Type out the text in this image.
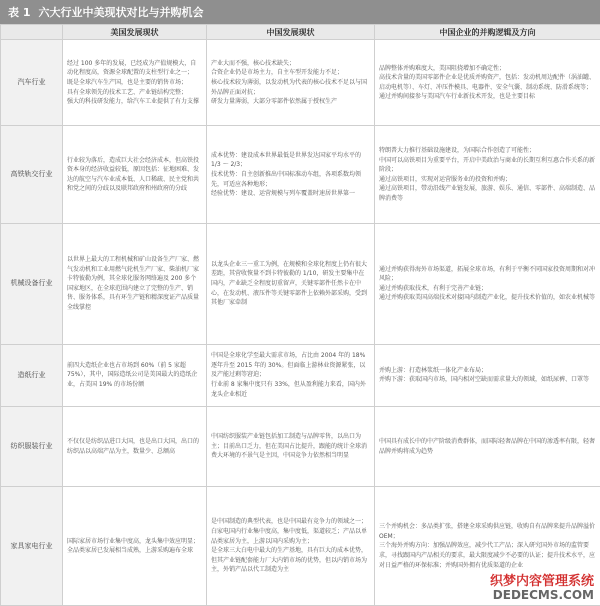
表 1 六大行业中美现状对比与并购机会
	美国发展现状	中国发展现状	中国企业的并购逻辑及方向
汽车行业	经过 100 多年的发展，已经成为产值规模大，自动化程度高，资源全球配置的支柱型行业之一；
既是全球汽车生产国，也是主要的销售市场；
具有全球领先的技术工艺、产业链结构完整；
强大的科技研发能力，给汽车工业提供了有力支撑	产业大而不强，核心技术缺失；
合资企业仍是市场主力，自主车型开发能力不足；
核心技术较为薄弱，以发动机为代表的核心技术不足以与国外品牌正面对抗；
研发力量薄弱，大部分零部件依然属于授权生产	品牌整体并购难度大，美国阻挠增加不确定性；
高技术含量的美国零部件企业是优质并购资产，包括：发动机周边配件（涡油罐、启动电机等）、车灯、冲压件模具、电器件、安全气囊、制动系统、防滑系统等；
通过并购间接参与美国汽车行业新技术开发，也是主要目标

高铁轨交行业	行业较为落后，造成巨大社会经济成本，但高铁投资本身的经济收益较低，原因包括：征地困难、发达的航空与汽车业成本低、人口稀疏、民主党和共和党之间的分歧以及联邦政府和州政府的分歧	成本优势：建设成本世界最低是世界发达国家平均水平的 1/3 ～ 2/3；
技术优势：自主创新推出中国标准动车组，各项系数均领先，可适应各种地形；
经验优势：建设、运营规模与列车覆盖时速居世界第一	特朗普大力推行基础设施建设，为国际合作创造了可能性；
中国可以高铁项目为重要平台，开启中美政治与商业的长期互利互惠合作关系的新阶段；
通过高铁项目，实现对运营服务业的投资和并购；
通过高铁项目，带动沿线产业链发展，旅游、娱乐、通信、零部件、高端制造、品牌消费等

机械设备行业	以世界上最大的工程机械和矿山设备生产厂家、燃气发动机和工业用燃气轮机生产厂家、柴油机厂家卡特彼勒为例，其全球化服务网络遍及 200 多个国家地区，在全球范围内建立了完整的生产、销售、服务体系，具有环生产链和精深度证产品质量全线掌控	以龙头企业三一重工为例，在规模和全球化程度上仍有很大差距，其营收恢量不到卡特彼勒的 1/10，研发主要集中在国内，产业缺乏全程度切重留声，关键零部件任然卡在中心，在发动机、液压件等关键零部件上依赖外部采购，受到其他厂家牵制	通过并购获得海外市场渠道，拓展全球市场，有利于平衡不同国家投资周期和对冲风险；
通过并购获取技术，有利于完善产业链；
通过并购获取美国高端技术对接国内制造产业化，提升技术价值的，如农业机械等

造纸行业	前四大造纸企业也占市场到 60%（前 5 家超 75%），其中，国际造纸公司是美国最大的造纸企业，占美国 19% 的市场份额	中国是全球化学至最大需求市场，占比由 2004 年的 18% 逐年升至 2015 年的 30%。但面临上游林业资源紧张，以及产能过剩等窘迫；
行业前 8 家集中度只有 33%，但从盈利能力来看，国内外龙头企业相近	并购上游：打造林浆纸一体化产业布局；
并购下游：获取国内市场，国内相对空缺而需求量大的领域，如纸尿裤、口罩等

纺织服装行业	不仅仅是纺织品进口大国，也是出口大国，出口的纺织品以高端产品为主，数量少、总额高	中国纺织服装产业链包括加工制造与品牌零售，以出口为主；目前出口乏力，但在美国占比提升，跟能的统计全球消费大环境的不景气是主因，中国竞争力依然相当明显	中国具有成长中的中产阶级消费群体，而国际轻奢品牌在中国的渗透率有限，轻奢品牌并购将成为趋势

家具家电行业	国际家居市场行业集中度高，龙头集中效应明显；
全品类家居已发展相当成熟，上游采购遍布全球	是中国制造的典型代表，也是中国最有竞争力的领域之一；
白家电国内行业集中度高，集中度低，渠道较乏；产品以单品类家居为主，上游以国内采购为主；
是全球三大白电中最大的生产基地，具有巨大的成本优势，但其产业链配套能力厂大内销市场的优势，但以内销市场为主，外销产品以代工制造为主	三个并购机会：多品类扩张，搭建全球采购供应链，收购自有品牌来提升品牌溢价 OEM；
三个海外并购方向：加强品牌效应，减少代工产品；深入研究国外市场的监管要求，寻找跟国内产品相关的要求，最大限度减少不必要的认证；提升技术水平，应对日益严格的环保标准；并购国外拥有优质渠道的企业
织梦内容管理系统
DEDECMS.COM
